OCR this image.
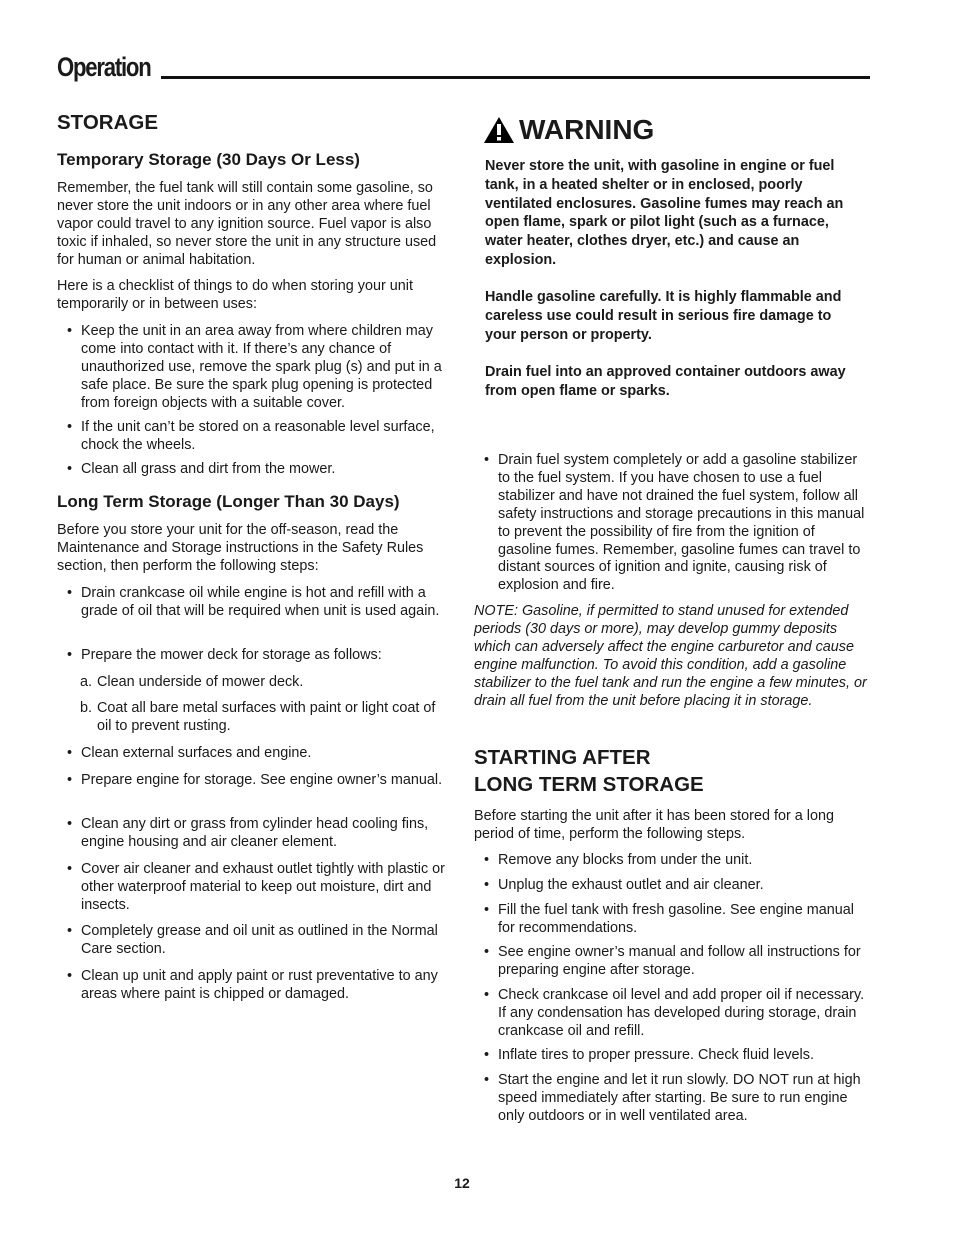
Operation
STORAGE
Temporary Storage (30 Days Or Less)

Remember, the fuel tank will still contain some gasoline, so never store the unit indoors or in any other area where fuel vapor could travel to any ignition source. Fuel vapor is also toxic if inhaled, so never store the unit in any structure used for human or animal habitation.

Here is a checklist of things to do when storing your unit temporarily or in between uses:

• Keep the unit in an area away from where children may come into contact with it. If there’s any chance of unauthorized use, remove the spark plug (s) and put in a safe place. Be sure the spark plug opening is protected from foreign objects with a suitable cover.
• If the unit can’t be stored on a reasonable level surface, chock the wheels.
• Clean all grass and dirt from the mower.
Long Term Storage (Longer Than 30 Days)

Before you store your unit for the off-season, read the Maintenance and Storage instructions in the Safety Rules section, then perform the following steps:

• Drain crankcase oil while engine is hot and refill with a grade of oil that will be required when unit is used again.
• Prepare the mower deck for storage as follows:
a. Clean underside of mower deck.
b. Coat all bare metal surfaces with paint or light coat of oil to prevent rusting.
• Clean external surfaces and engine.
• Prepare engine for storage. See engine owner’s manual.
• Clean any dirt or grass from cylinder head cooling fins, engine housing and air cleaner element.
• Cover air cleaner and exhaust outlet tightly with plastic or other waterproof material to keep out moisture, dirt and insects.
• Completely grease and oil unit as outlined in the Normal Care section.
• Clean up unit and apply paint or rust preventative to any areas where paint is chipped or damaged.
WARNING

Never store the unit, with gasoline in engine or fuel tank, in a heated shelter or in enclosed, poorly ventilated enclosures. Gasoline fumes may reach an open flame, spark or pilot light (such as a furnace, water heater, clothes dryer, etc.) and cause an explosion.

Handle gasoline carefully. It is highly flammable and careless use could result in serious fire damage to your person or property.

Drain fuel into an approved container outdoors away from open flame or sparks.

• Drain fuel system completely or add a gasoline stabilizer to the fuel system. If you have chosen to use a fuel stabilizer and have not drained the fuel system, follow all safety instructions and storage precautions in this manual to prevent the possibility of fire from the ignition of gasoline fumes. Remember, gasoline fumes can travel to distant sources of ignition and ignite, causing risk of explosion and fire.
NOTE: Gasoline, if permitted to stand unused for extended periods (30 days or more), may develop gummy deposits which can adversely affect the engine carburetor and cause engine malfunction. To avoid this condition, add a gasoline stabilizer to the fuel tank and run the engine a few minutes, or drain all fuel from the unit before placing it in storage.
STARTING AFTER
LONG TERM STORAGE

Before starting the unit after it has been stored for a long period of time, perform the following steps.

• Remove any blocks from under the unit.
• Unplug the exhaust outlet and air cleaner.
• Fill the fuel tank with fresh gasoline. See engine manual for recommendations.
• See engine owner’s manual and follow all instructions for preparing engine after storage.
• Check crankcase oil level and add proper oil if necessary. If any condensation has developed during storage, drain crankcase oil and refill.
• Inflate tires to proper pressure. Check fluid levels.
• Start the engine and let it run slowly. DO NOT run at high speed immediately after starting. Be sure to run engine only outdoors or in well ventilated area.
12
